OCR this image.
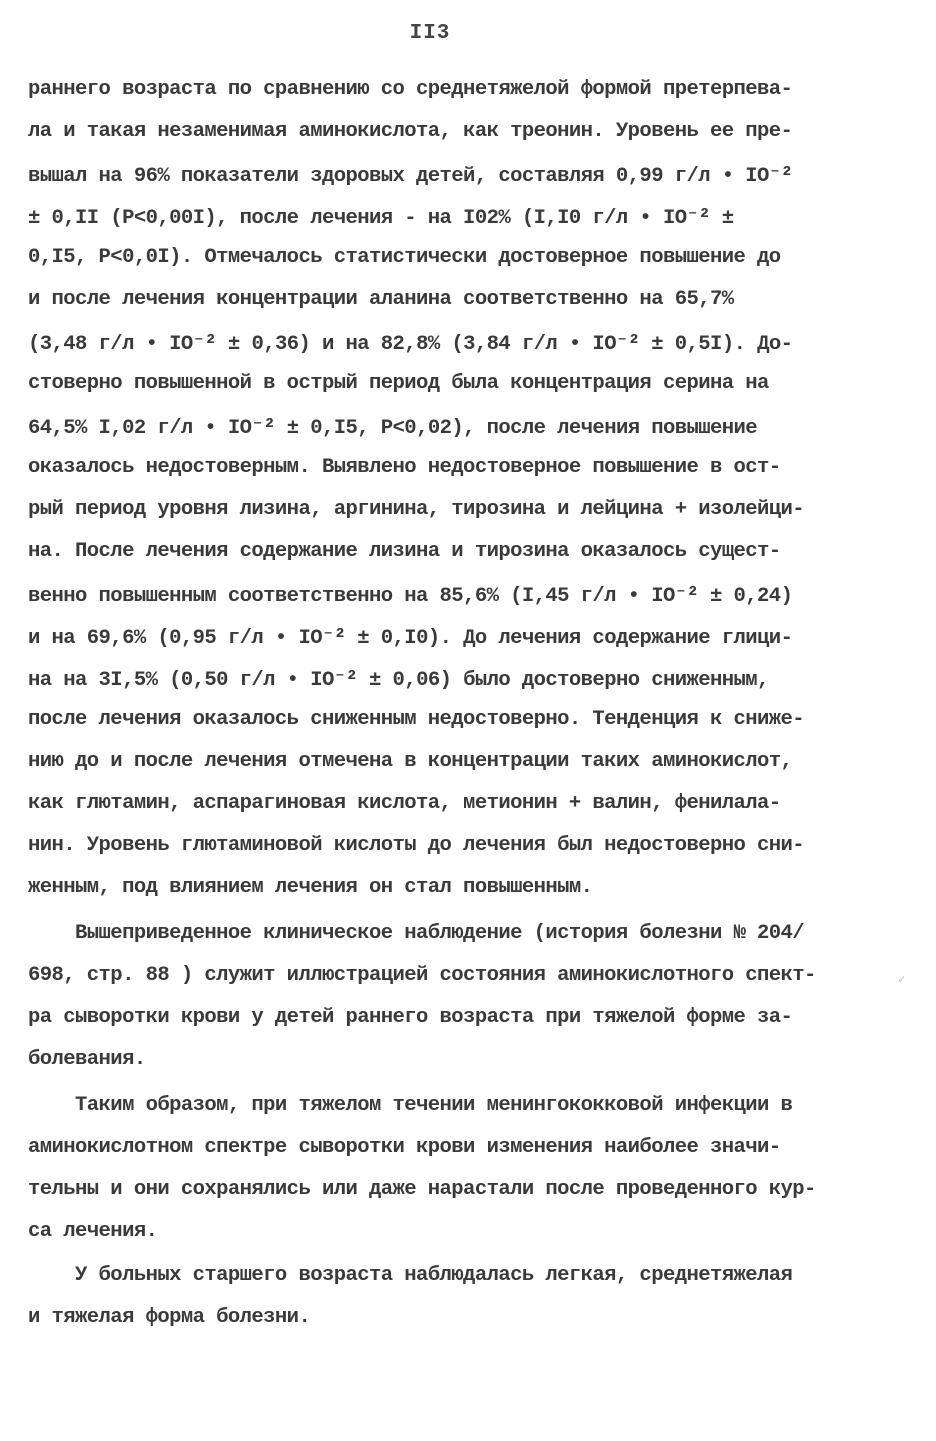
II3
раннего возраста по сравнению со среднетяжелой формой претерпева-
ла и такая незаменимая аминокислота, как треонин. Уровень ее пре-
вышал на 96% показатели здоровых детей, составляя 0,99 г/л • IO⁻²
± 0,II (P<0,00I), после лечения - на I02% (I,I0 г/л • IO⁻² ±
0,I5, P<0,0I). Отмечалось статистически достоверное повышение до
и после лечения концентрации аланина соответственно на 65,7%
(3,48 г/л • IO⁻² ± 0,36) и на 82,8% (3,84 г/л • IO⁻² ± 0,5I). До-
стоверно повышенной в острый период была концентрация серина на
64,5% I,02 г/л • IO⁻² ± 0,I5, P<0,02), после лечения повышение
оказалось недостоверным. Выявлено недостоверное повышение в ост-
рый период уровня лизина, аргинина, тирозина и лейцина + изолейци-
на. После лечения содержание лизина и тирозина оказалось сущест-
венно повышенным соответственно на 85,6% (I,45 г/л • IO⁻² ± 0,24)
и на 69,6% (0,95 г/л • IO⁻² ± 0,I0). До лечения содержание глици-
на на 3I,5% (0,50 г/л • IO⁻² ± 0,06) было достоверно сниженным,
после лечения оказалось сниженным недостоверно. Тенденция к сниже-
нию до и после лечения отмечена в концентрации таких аминокислот,
как глютамин, аспарагиновая кислота, метионин + валин, фенилала-
нин. Уровень глютаминовой кислоты до лечения был недостоверно сни-
женным, под влиянием лечения он стал повышенным.
Вышеприведенное клиническое наблюдение (история болезни № 204/
698, стр. 88 ) служит иллюстрацией состояния аминокислотного спект-
ра сыворотки крови у детей раннего возраста при тяжелой форме за-
болевания.
Таким образом, при тяжелом течении менингококковой инфекции в
аминокислотном спектре сыворотки крови изменения наиболее значи-
тельны и они сохранялись или даже нарастали после проведенного кур-
са лечения.
У больных старшего возраста наблюдалась легкая, среднетяжелая
и тяжелая форма болезни.
✓
